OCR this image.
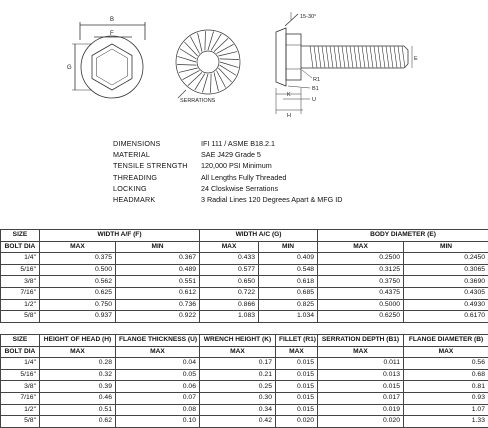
B
F
G
SERRATIONS
15-30°
R1
B1
K
U
H
E
DIMENSIONS	IFI 111 / ASME B18.2.1
MATERIAL	SAE J429 Grade 5
TENSILE STRENGTH	120,000 PSI Minimum
THREADING	All Lengths Fully Threaded
LOCKING	24 Closkwise Serrations
HEADMARK	3 Radial Lines 120 Degrees Apart & MFG ID
SIZE	WIDTH A/F (F)		WIDTH A/C (G)		BODY DIAMETER (E)	
BOLT DIA	MAX	MIN	MAX	MIN	MAX	MIN
1/4"	0.375	0.367	0.433	0.409	0.2500	0.2450
5/16"	0.500	0.489	0.577	0.548	0.3125	0.3065
3/8"	0.562	0.551	0.650	0.618	0.3750	0.3690
7/16"	0.625	0.612	0.722	0.685	0.4375	0.4305
1/2"	0.750	0.736	0.866	0.825	0.5000	0.4930
5/8"	0.937	0.922	1.083	1.034	0.6250	0.6170
SIZE	HEIGHT OF HEAD (H)	FLANGE THICKNESS (U)	WRENCH HEIGHT (K)	FILLET (R1)	SERRATION DEPTH (B1)	FLANGE DIAMETER (B)
BOLT DIA	MAX	MAX	MAX	MAX	MAX	MAX
1/4"	0.28	0.04	0.17	0.015	0.011	0.56
5/16"	0.32	0.05	0.21	0.015	0.013	0.68
3/8"	0.39	0.06	0.25	0.015	0.015	0.81
7/16"	0.46	0.07	0.30	0.015	0.017	0.93
1/2"	0.51	0.08	0.34	0.015	0.019	1.07
5/8"	0.62	0.10	0.42	0.020	0.020	1.33
